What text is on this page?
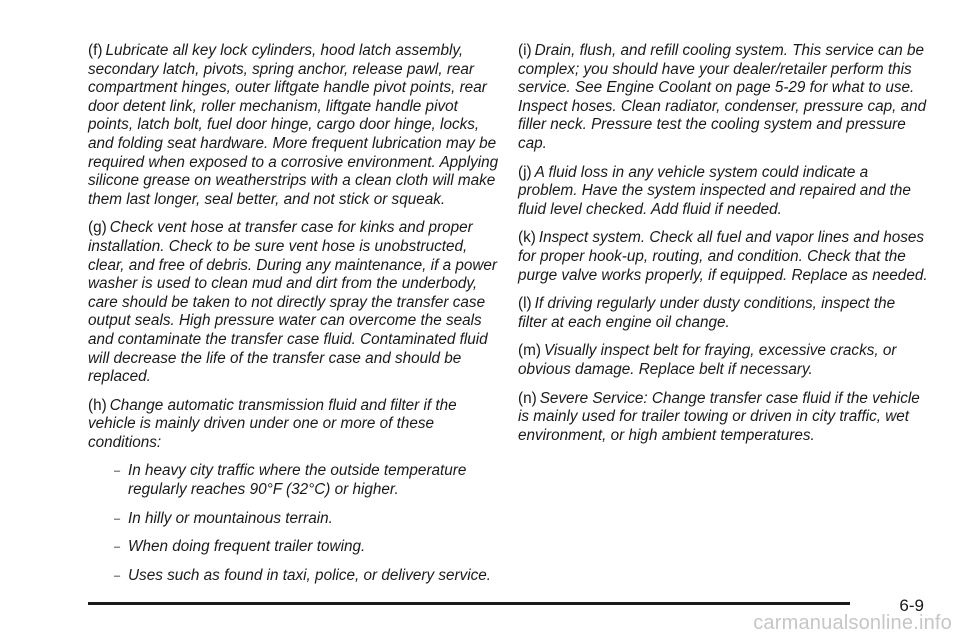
(f) Lubricate all key lock cylinders, hood latch assembly, secondary latch, pivots, spring anchor, release pawl, rear compartment hinges, outer liftgate handle pivot points, rear door detent link, roller mechanism, liftgate handle pivot points, latch bolt, fuel door hinge, cargo door hinge, locks, and folding seat hardware. More frequent lubrication may be required when exposed to a corrosive environment. Applying silicone grease on weatherstrips with a clean cloth will make them last longer, seal better, and not stick or squeak.

(g) Check vent hose at transfer case for kinks and proper installation. Check to be sure vent hose is unobstructed, clear, and free of debris. During any maintenance, if a power washer is used to clean mud and dirt from the underbody, care should be taken to not directly spray the transfer case output seals. High pressure water can overcome the seals and contaminate the transfer case fluid. Contaminated fluid will decrease the life of the transfer case and should be replaced.

(h) Change automatic transmission fluid and filter if the vehicle is mainly driven under one or more of these conditions:

– In heavy city traffic where the outside temperature regularly reaches 90°F (32°C) or higher.
– In hilly or mountainous terrain.
– When doing frequent trailer towing.
– Uses such as found in taxi, police, or delivery service.

(i) Drain, flush, and refill cooling system. This service can be complex; you should have your dealer/retailer perform this service. See Engine Coolant on page 5-29 for what to use. Inspect hoses. Clean radiator, condenser, pressure cap, and filler neck. Pressure test the cooling system and pressure cap.

(j) A fluid loss in any vehicle system could indicate a problem. Have the system inspected and repaired and the fluid level checked. Add fluid if needed.

(k) Inspect system. Check all fuel and vapor lines and hoses for proper hook-up, routing, and condition. Check that the purge valve works properly, if equipped. Replace as needed.

(l) If driving regularly under dusty conditions, inspect the filter at each engine oil change.

(m) Visually inspect belt for fraying, excessive cracks, or obvious damage. Replace belt if necessary.

(n) Severe Service: Change transfer case fluid if the vehicle is mainly used for trailer towing or driven in city traffic, wet environment, or high ambient temperatures.

6-9
carmanualsonline.info
